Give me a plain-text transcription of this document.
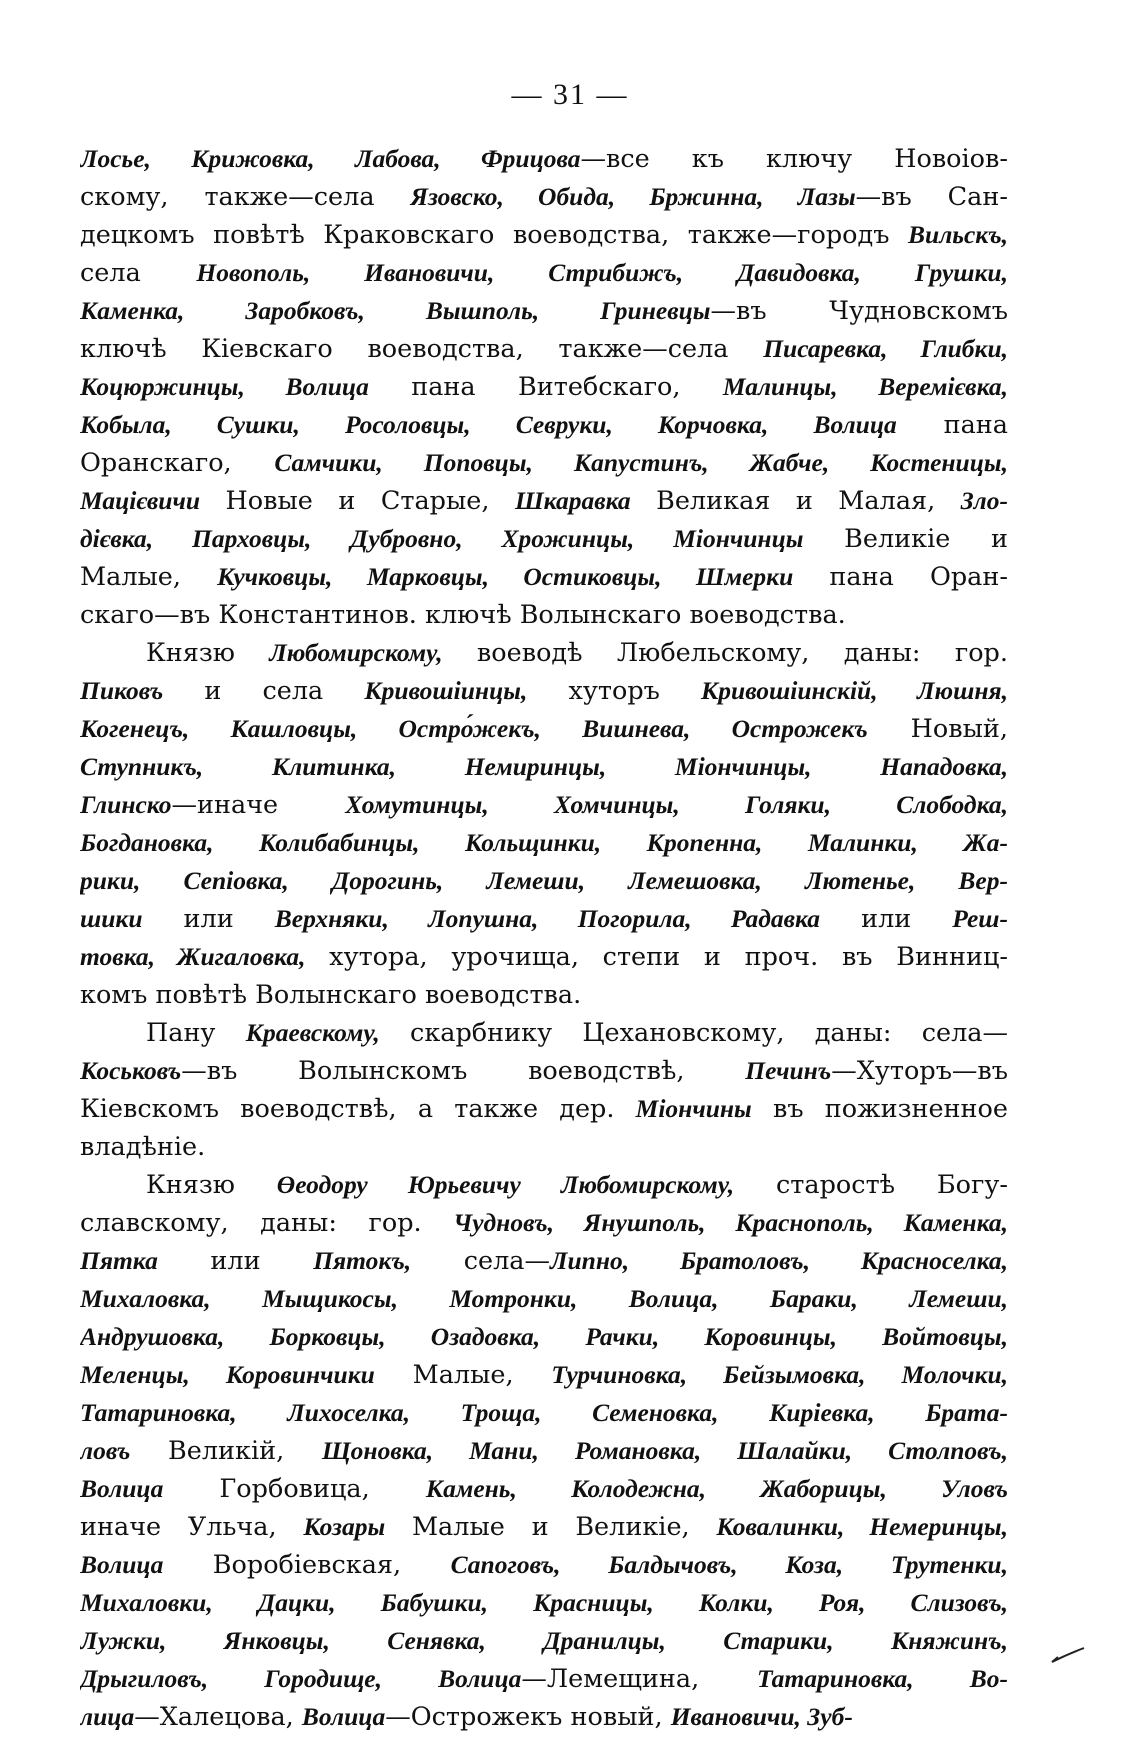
— 31 —
Лосье, Крижовка, Лабова, Фрицова—все къ ключу Новоіов-
скому, также—села Язовско, Обида, Бржинна, Лазы—въ Сан-
децкомъ повѣтѣ Краковскаго воеводства, также—городъ Вильскъ,
села Новополь, Ивановичи, Стрибижъ, Давидовка, Грушки,
Каменка, Заробковъ, Вышполь, Гриневцы—въ Чудновскомъ
ключѣ Кіевскаго воеводства, также—села Писаревка, Глибки,
Коцюржинцы, Волица пана Витебскаго, Малинцы, Веремієвка,
Кобыла, Сушки, Росоловцы, Севруки, Корчовка, Волица пана
Оранскаго, Самчики, Поповцы, Капустинъ, Жабче, Костеницы,
Мацієвичи Новые и Старые, Шкаравка Великая и Малая, Зло-
дієвка, Парховцы, Дубровно, Хрожинцы, Міончинцы Великіе и
Малые, Кучковцы, Марковцы, Остиковцы, Шмерки пана Оран-
скаго—въ Константинов. ключѣ Волынскаго воеводства.
Князю Любомирскому, воеводѣ Любельскому, даны: гор.
Пиковъ и села Кривошіинцы, хуторъ Кривошіинскій, Люшня,
Когенецъ, Кашловцы, Остро́жекъ, Вишнева, Острожекъ Новый,
Ступникъ, Клитинка, Немиринцы, Міончинцы, Нападовка,
Глинско—иначе Хомутинцы, Хомчинцы, Голяки, Слободка,
Богдановка, Колибабинцы, Кольщинки, Кропенна, Малинки, Жа-
рики, Сепіовка, Дорогинь, Лемеши, Лемешовка, Лютенье, Вер-
шики или Верхняки, Лопушна, Погорила, Радавка или Реш-
товка, Жигаловка, хутора, урочища, степи и проч. въ Винниц-
комъ повѣтѣ Волынскаго воеводства.
Пану Краевскому, скарбнику Цехановскому, даны: села—
Коськовъ—въ Волынскомъ воеводствѣ, Печинъ—Хуторъ—въ
Кіевскомъ воеводствѣ, а также дер. Міончины въ пожизненное
владѣніе.
Князю Өеодору Юрьевичу Любомирскому, старостѣ Богу-
славскому, даны: гор. Чудновъ, Янушполь, Краснополь, Каменка,
Пятка или Пятокъ, села—Липно, Братоловъ, Красноселка,
Михаловка, Мыщикосы, Мотронки, Волица, Бараки, Лемеши,
Андрушовка, Борковцы, Озадовка, Рачки, Коровинцы, Войтовцы,
Меленцы, Коровинчики Малые, Турчиновка, Бейзымовка, Молочки,
Татариновка, Лихоселка, Трощa, Семеновка, Киріевка, Брата-
ловъ Великій, Щоновка, Мани, Романовка, Шалайки, Столповъ,
Волица Горбовица, Камень, Колодежна, Жаборицы, Уловъ
иначе Ульча, Козары Малые и Великіе, Ковалинки, Немеринцы,
Волица Воробіевская, Сапоговъ, Балдычовъ, Коза, Трутенки,
Михаловки, Дацки, Бабушки, Красницы, Колки, Роя, Слизовъ,
Лужки, Янковцы, Сенявка, Дранилцы, Старики, Княжинъ,
Дрыгиловъ, Городище, Волица—Лемещина, Татариновка, Во-
лица—Халецова, Волица—Острожекъ новый, Ивановичи, Зуб-
